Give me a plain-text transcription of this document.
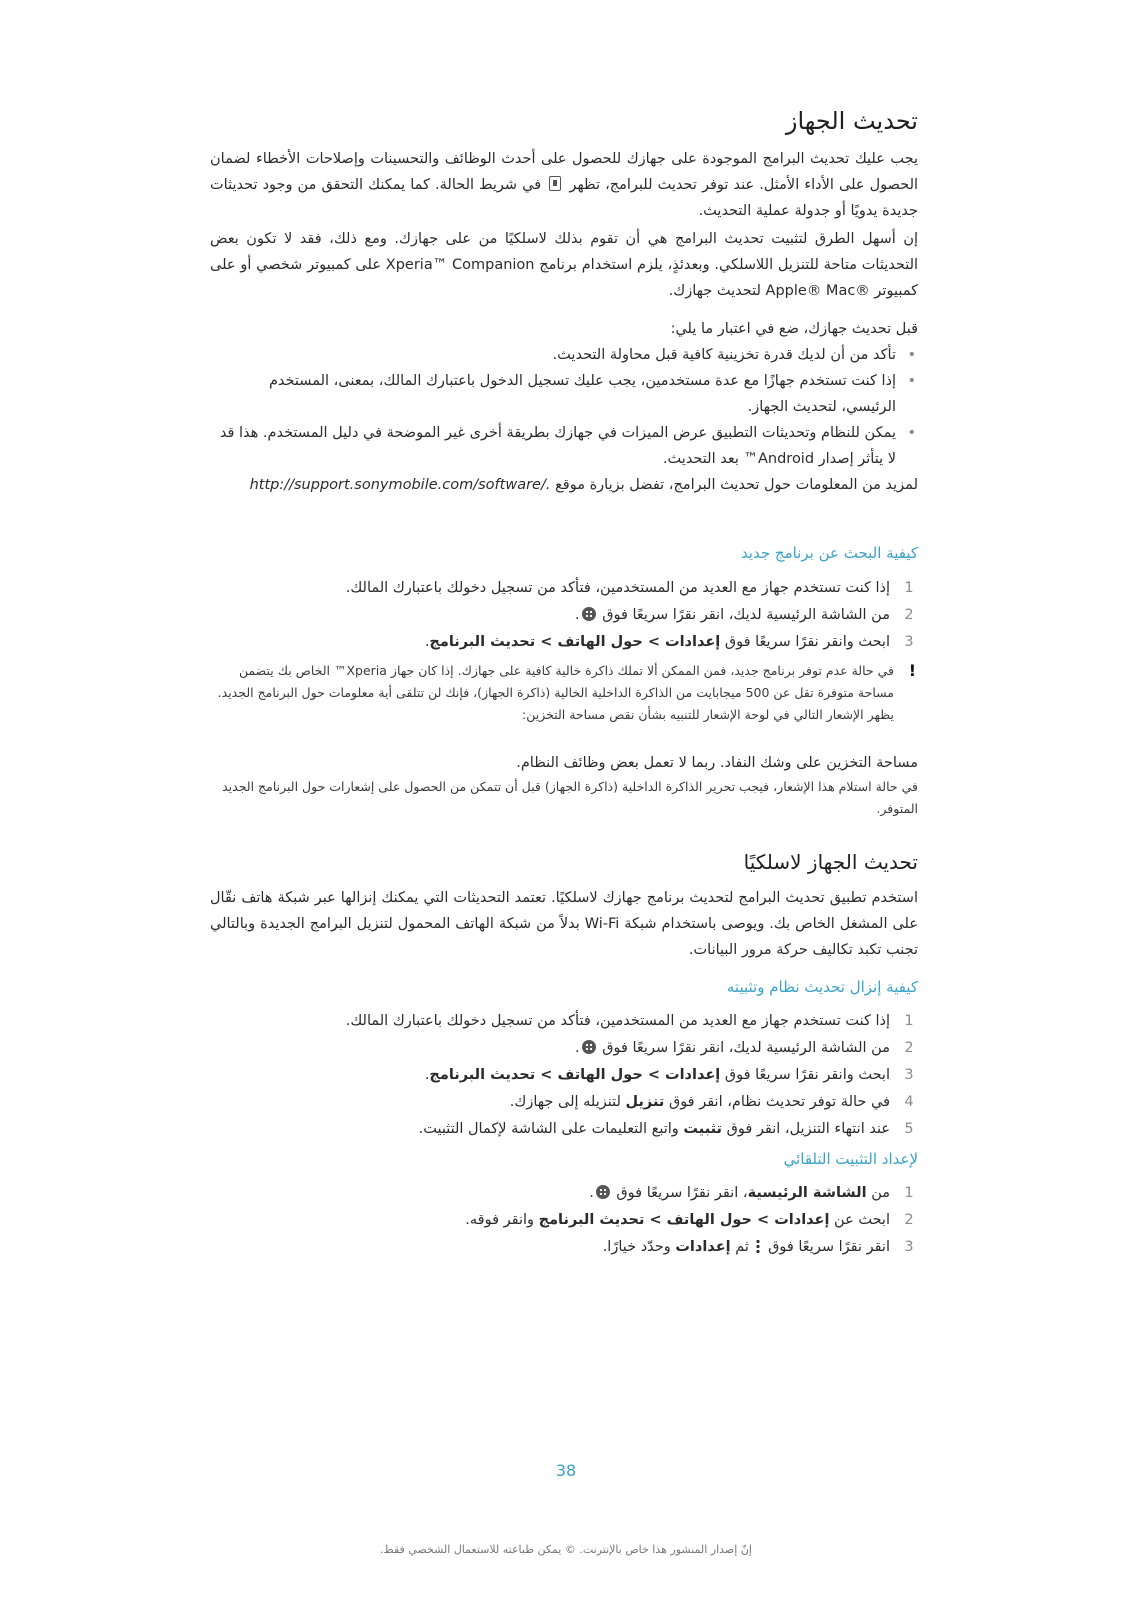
تحديث الجهاز
يجب عليك تحديث البرامج الموجودة على جهازك للحصول على أحدث الوظائف والتحسينات وإصلاحات الأخطاء لضمان الحصول على الأداء الأمثل. عند توفر تحديث للبرامج، تظهر  في شريط الحالة. كما يمكنك التحقق من وجود تحديثات جديدة يدويًا أو جدولة عملية التحديث.
إن أسهل الطرق لتثبيت تحديث البرامج هي أن تقوم بذلك لاسلكيًا من على جهازك. ومع ذلك، فقد لا تكون بعض التحديثات متاحة للتنزيل اللاسلكي. وبعدئذٍ، يلزم استخدام برنامج Xperia™ Companion على كمبيوتر شخصي أو على كمبيوتر Apple® Mac® لتحديث جهازك.
قبل تحديث جهازك، ضع في اعتبار ما يلي:
• تأكد من أن لديك قدرة تخزينية كافية قبل محاولة التحديث.
• إذا كنت تستخدم جهازًا مع عدة مستخدمين، يجب عليك تسجيل الدخول باعتبارك المالك، بمعنى، المستخدم الرئيسي، لتحديث الجهاز.
• يمكن للنظام وتحديثات التطبيق عرض الميزات في جهازك بطريقة أخرى غير الموضحة في دليل المستخدم. هذا قد لا يتأثر إصدار Android™ بعد التحديث.
لمزيد من المعلومات حول تحديث البرامج، تفضل بزيارة موقع http://support.sonymobile.com/software/.
كيفية البحث عن برنامج جديد
1
إذا كنت تستخدم جهاز مع العديد من المستخدمين، فتأكد من تسجيل دخولك باعتبارك المالك.
2
من الشاشة الرئيسية لديك، انقر نقرًا سريعًا فوق .
3
ابحث وانقر نقرًا سريعًا فوق إعدادات > حول الهاتف > تحديث البرنامج.
!
في حالة عدم توفر برنامج جديد، فمن الممكن ألا تملك ذاكرة خالية كافية على جهازك. إذا كان جهاز Xperia™ الخاص بك يتضمن مساحة متوفرة تقل عن 500 ميجابايت من الذاكرة الداخلية الخالية (ذاكرة الجهاز)، فإنك لن تتلقى أية معلومات حول البرنامج الجديد. يظهر الإشعار التالي في لوحة الإشعار للتنبيه بشأن نقص مساحة التخزين:
مساحة التخزين على وشك النفاد. ربما لا تعمل بعض وظائف النظام.
في حالة استلام هذا الإشعار، فيجب تحرير الذاكرة الداخلية (ذاكرة الجهاز) قبل أن تتمكن من الحصول على إشعارات حول البرنامج الجديد المتوفر.
تحديث الجهاز لاسلكيًا
استخدم تطبيق تحديث البرامج لتحديث برنامج جهازك لاسلكيًا. تعتمد التحديثات التي يمكنك إنزالها عبر شبكة هاتف نقّال على المشغل الخاص بك. ويوصى باستخدام شبكة Wi-Fi بدلاً من شبكة الهاتف المحمول لتنزيل البرامج الجديدة وبالتالي تجنب تكبد تكاليف حركة مرور البيانات.
كيفية إنزال تحديث نظام وتثبيته
1
إذا كنت تستخدم جهاز مع العديد من المستخدمين، فتأكد من تسجيل دخولك باعتبارك المالك.
2
من الشاشة الرئيسية لديك، انقر نقرًا سريعًا فوق .
3
ابحث وانقر نقرًا سريعًا فوق إعدادات > حول الهاتف > تحديث البرنامج.
4
في حالة توفر تحديث نظام، انقر فوق تنزيل لتنزيله إلى جهازك.
5
عند انتهاء التنزيل، انقر فوق تثبيت واتبع التعليمات على الشاشة لإكمال التثبيت.
لإعداد التثبيت التلقائي
1
من الشاشة الرئيسية، انقر نقرًا سريعًا فوق .
2
ابحث عن إعدادات > حول الهاتف > تحديث البرنامج وانقر فوقه.
3
انقر نقرًا سريعًا فوق  ثم إعدادات وحدّد خيارًا.
38
إنّ إصدار المنشور هذا خاص بالإنترنت. © يمكن طباعته للاستعمال الشخصي فقط.
